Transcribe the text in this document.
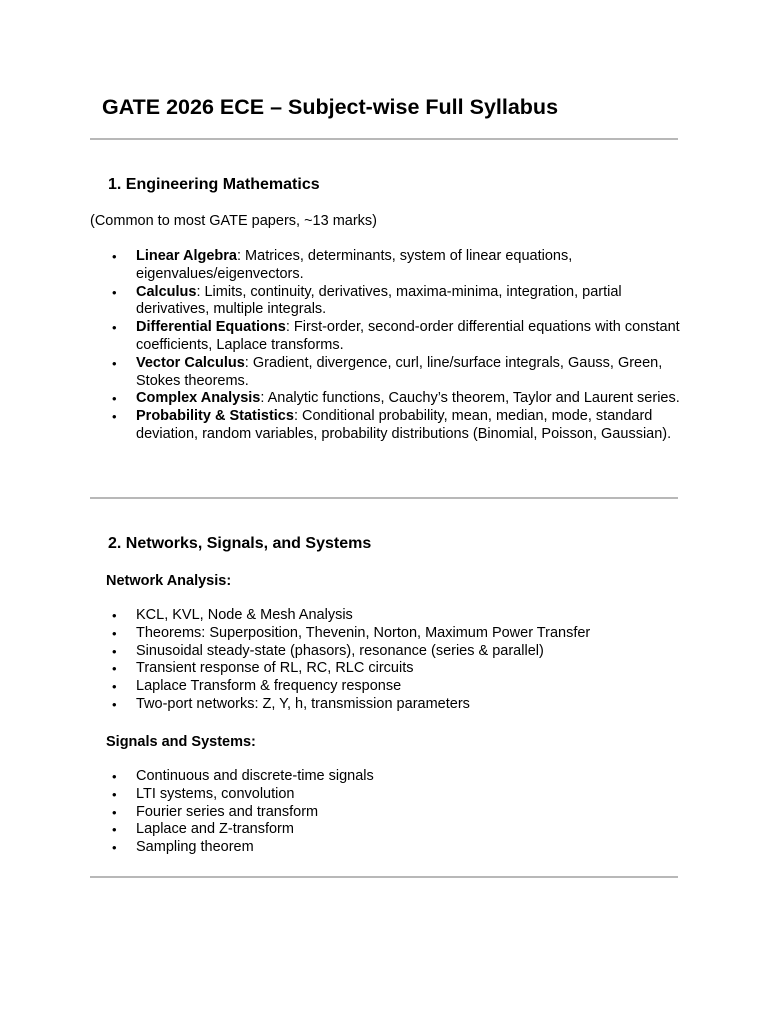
GATE 2026 ECE – Subject-wise Full Syllabus
1. Engineering Mathematics

(Common to most GATE papers, ~13 marks)

• Linear Algebra: Matrices, determinants, system of linear equations, eigenvalues/eigenvectors.
• Calculus: Limits, continuity, derivatives, maxima-minima, integration, partial derivatives, multiple integrals.
• Differential Equations: First-order, second-order differential equations with constant coefficients, Laplace transforms.
• Vector Calculus: Gradient, divergence, curl, line/surface integrals, Gauss, Green, Stokes theorems.
• Complex Analysis: Analytic functions, Cauchy’s theorem, Taylor and Laurent series.
• Probability & Statistics: Conditional probability, mean, median, mode, standard deviation, random variables, probability distributions (Binomial, Poisson, Gaussian).
2. Networks, Signals, and Systems

Network Analysis:

• KCL, KVL, Node & Mesh Analysis
• Theorems: Superposition, Thevenin, Norton, Maximum Power Transfer
• Sinusoidal steady-state (phasors), resonance (series & parallel)
• Transient response of RL, RC, RLC circuits
• Laplace Transform & frequency response
• Two-port networks: Z, Y, h, transmission parameters

Signals and Systems:

• Continuous and discrete-time signals
• LTI systems, convolution
• Fourier series and transform
• Laplace and Z-transform
• Sampling theorem
